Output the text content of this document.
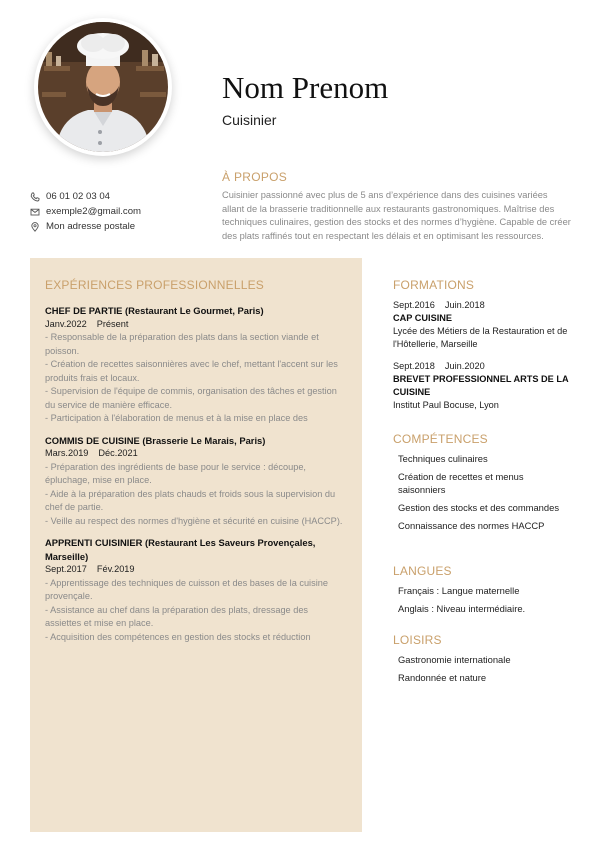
Nom Prenom
Cuisinier
À PROPOS
Cuisinier passionné avec plus de 5 ans d’expérience dans des cuisines variées allant de la brasserie traditionnelle aux restaurants gastronomiques. Maîtrise des techniques culinaires, gestion des stocks et des normes d’hygiène. Capable de créer des plats raffinés tout en respectant les délais et en optimisant les ressources.
06 01 02 03 04
exemple2@gmail.com
Mon adresse postale
EXPÉRIENCES PROFESSIONNELLES
CHEF DE PARTIE (Restaurant Le Gourmet, Paris)
Janv.2022 Présent
- Responsable de la préparation des plats dans la section viande et poisson.
- Création de recettes saisonnières avec le chef, mettant l'accent sur les produits frais et locaux.
- Supervision de l'équipe de commis, organisation des tâches et gestion du service de manière efficace.
- Participation à l'élaboration de menus et à la mise en place des
COMMIS DE CUISINE (Brasserie Le Marais, Paris)
Mars.2019 Déc.2021
- Préparation des ingrédients de base pour le service : découpe, épluchage, mise en place.
- Aide à la préparation des plats chauds et froids sous la supervision du chef de partie.
- Veille au respect des normes d'hygiène et sécurité en cuisine (HACCP).
APPRENTI CUISINIER (Restaurant Les Saveurs Provençales, Marseille)
Sept.2017 Fév.2019
- Apprentissage des techniques de cuisson et des bases de la cuisine provençale.
- Assistance au chef dans la préparation des plats, dressage des assiettes et mise en place.
- Acquisition des compétences en gestion des stocks et réduction
FORMATIONS
Sept.2016 Juin.2018
CAP CUISINE
Lycée des Métiers de la Restauration et de l'Hôtellerie, Marseille
Sept.2018 Juin.2020
BREVET PROFESSIONNEL ARTS DE LA CUISINE
Institut Paul Bocuse, Lyon
COMPÉTENCES
Techniques culinaires
Création de recettes et menus saisonniers
Gestion des stocks et des commandes
Connaissance des normes HACCP
LANGUES
Français : Langue maternelle
Anglais : Niveau intermédiaire.
LOISIRS
Gastronomie internationale
Randonnée et nature
